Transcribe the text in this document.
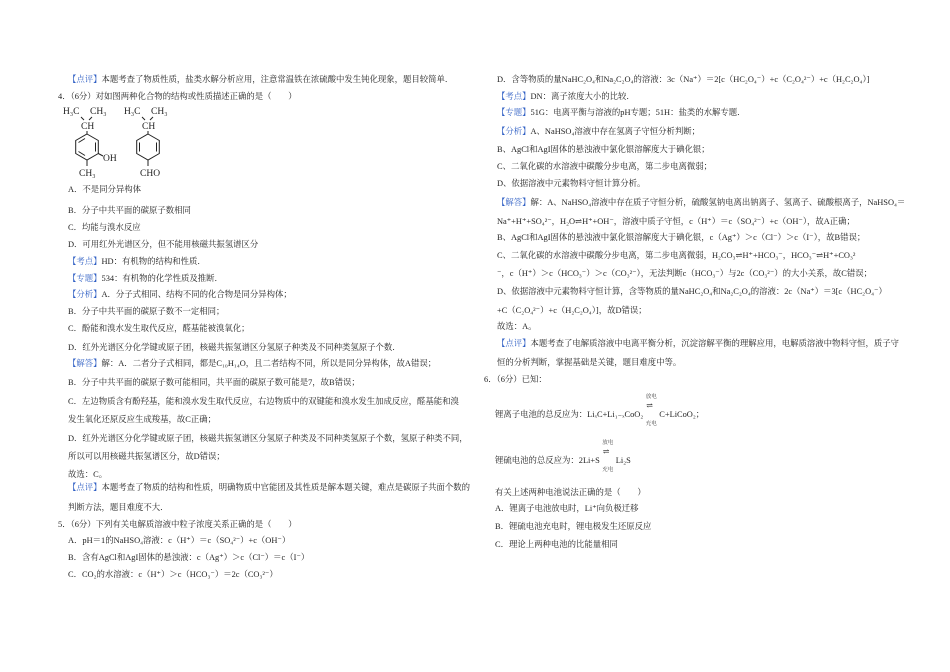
【点评】本题考查了物质性质，盐类水解分析应用，注意常温铁在浓硫酸中发生钝化现象，题目较简单．
4．（6分）对如图两种化合物的结构或性质描述正确的是（　　）
A．不是同分异构体
B．分子中共平面的碳原子数相同
C．均能与溴水反应
D．可用红外光谱区分，但不能用核磁共振氢谱区分
【考点】HD：有机物的结构和性质．
【专题】534：有机物的化学性质及推断．
【分析】A．分子式相同、结构不同的化合物是同分异构体；
B．分子中共平面的碳原子数不一定相同；
C．酚能和溴水发生取代反应，醛基能被溴氧化；
D．红外光谱区分化学键或原子团，核磁共振氢谱区分氢原子种类及不同种类氢原子个数．
【解答】解：A．二者分子式相同，都是C₁₀H₁₄O，且二者结构不同，所以是同分异构体，故A错误；
B．分子中共平面的碳原子数可能相同，共平面的碳原子数可能是7，故B错误；
C．左边物质含有酚羟基，能和溴水发生取代反应，右边物质中的双键能和溴水发生加成反应，醛基能和溴
发生氧化还原反应生成羧基，故C正确；
D．红外光谱区分化学键或原子团，核磁共振氢谱区分氢原子种类及不同种类氢原子个数，氢原子种类不同，
所以可以用核磁共振氢谱区分，故D错误；
故选：C。
【点评】本题考查了物质的结构和性质，明确物质中官能团及其性质是解本题关键，难点是碳原子共面个数的
判断方法，题目难度不大．
5．（6分）下列有关电解质溶液中粒子浓度关系正确的是（　　）
A．pH＝1的NaHSO₄溶液：c（H⁺）＝c（SO₄²⁻）+c（OH⁻）
B．含有AgCl和AgI固体的悬浊液：c（Ag⁺）＞c（Cl⁻）＝c（I⁻）
C．CO₂的水溶液：c（H⁺）＞c（HCO₃⁻）＝2c（CO₃²⁻）
H₃C CH₃
CH
OH
CH₃
H₃C CH₃
CH
CHO
D．含等物质的量NaHC₂O₄和Na₂C₂O₄的溶液：3c（Na⁺）＝2[c（HC₂O₄⁻）+c（C₂O₄²⁻）+c（H₂C₂O₄）]
【考点】DN：离子浓度大小的比较．
【专题】51G：电离平衡与溶液的pH专题；51H：盐类的水解专题．
【分析】A、NaHSO₄溶液中存在氢离子守恒分析判断；
B、AgCl和AgI固体的悬浊液中氯化银溶解度大于碘化银；
C、二氧化碳的水溶液中碳酸分步电离，第二步电离微弱；
D、依据溶液中元素物料守恒计算分析。
【解答】解：A、NaHSO₄溶液中存在质子守恒分析，硫酸氢钠电离出钠离子、氢离子、硫酸根离子，NaHSO₄＝
Na⁺+H⁺+SO₄²⁻，H₂O⇌H⁺+OH⁻，溶液中质子守恒，c（H⁺）＝c（SO₄²⁻）+c（OH⁻），故A正确；
B、AgCl和AgI固体的悬浊液中氯化银溶解度大于碘化银，c（Ag⁺）＞c（Cl⁻）＞c（I⁻），故B错误；
C、二氧化碳的水溶液中碳酸分步电离，第二步电离微弱，H₂CO₃⇌H⁺+HCO₃⁻，HCO₃⁻⇌H⁺+CO₃²
⁻，c（H⁺）＞c（HCO₃⁻）＞c（CO₃²⁻），无法判断c（HCO₃⁻）与2c（CO₃²⁻）的大小关系，故C错误；
D、依据溶液中元素物料守恒计算，含等物质的量NaHC₂O₄和Na₂C₂O₄的溶液：2c（Na⁺）＝3[c（HC₂O₄⁻）
+C（C₂O₄²⁻）+c（H₂C₂O₄）]，故D错误；
故选：A。
【点评】本题考查了电解质溶液中电离平衡分析，沉淀溶解平衡的理解应用，电解质溶液中物料守恒，质子守
恒的分析判断，掌握基础是关键，题目难度中等。
6．（6分）已知：
有关上述两种电池说法正确的是（　　）
A．锂离子电池放电时，Li⁺向负极迁移
B．锂硫电池充电时，锂电极发生还原反应
C．理论上两种电池的比能量相同
锂离子电池的总反应为：LiₓC+Li₁₋ₓCoO₂
放电
⇌
充电
C+LiCoO₂；
锂硫电池的总反应为：2Li+S
放电
⇌
充电
Li₂S
